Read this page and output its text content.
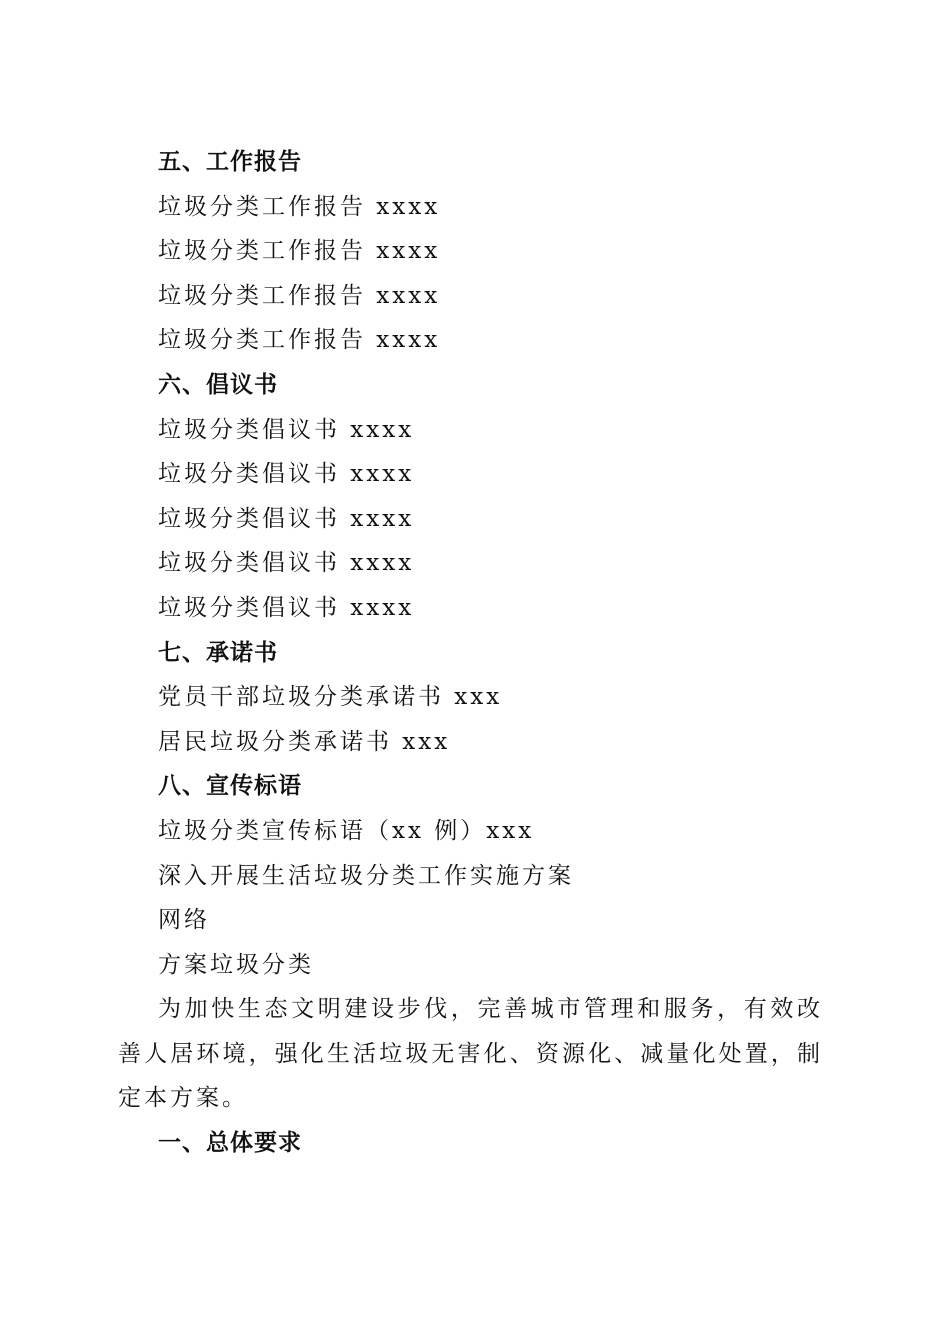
五、工作报告
垃圾分类工作报告 xxxx
垃圾分类工作报告 xxxx
垃圾分类工作报告 xxxx
垃圾分类工作报告 xxxx
六、倡议书
垃圾分类倡议书 xxxx
垃圾分类倡议书 xxxx
垃圾分类倡议书 xxxx
垃圾分类倡议书 xxxx
垃圾分类倡议书 xxxx
七、承诺书
党员干部垃圾分类承诺书 xxx
居民垃圾分类承诺书 xxx
八、宣传标语
垃圾分类宣传标语（xx 例）xxx
深入开展生活垃圾分类工作实施方案
网络
方案垃圾分类
为加快生态文明建设步伐，完善城市管理和服务，有效改善人居环境，强化生活垃圾无害化、资源化、减量化处置，制定本方案。
一、总体要求
